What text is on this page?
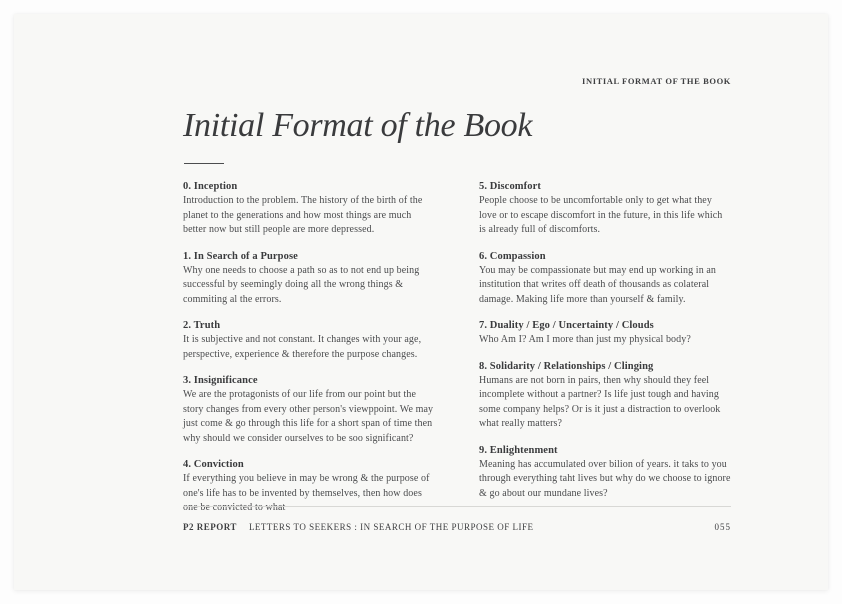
INITIAL FORMAT OF THE BOOK
Initial Format of the Book
0. Inception

Introduction to the problem. The history of the birth of the planet to the generations and how most things are much better now but still people are more depressed.

1. In Search of a Purpose

Why one needs to choose a path so as to not end up being successful by seemingly doing all the wrong things & commiting al the errors.

2. Truth

It is subjective and not constant. It changes with your age, perspective, experience & therefore the purpose changes.

3. Insignificance

We are the protagonists of our life from our point but the story changes from every other person's viewppoint. We may just come & go through this life for a short span of time then why should we consider ourselves to be soo significant?

4. Conviction

If everything you believe in may be wrong & the purpose of one's life has to be invented by themselves, then how does one be convicted to what

5. Discomfort

People choose to be uncomfortable only to get what they love or to escape discomfort in the future, in this life which is already full of discomforts.

6. Compassion

You may be compassionate but may end up working in an institution that writes off death of thousands as colateral damage. Making life more than yourself & family.

7. Duality / Ego / Uncertainty / Clouds

Who Am I? Am I more than just my physical body?

8. Solidarity / Relationships / Clinging

Humans are not born in pairs, then why should they feel incomplete without a partner? Is life just tough and having some company helps? Or is it just a distraction to overlook what really matters?

9. Enlightenment

Meaning has accumulated over bilion of years. it taks to you through everything taht lives but why do we choose to ignore & go about our mundane lives?

P2 REPORT LETTERS TO SEEKERS : IN SEARCH OF THE PURPOSE OF LIFE	055
